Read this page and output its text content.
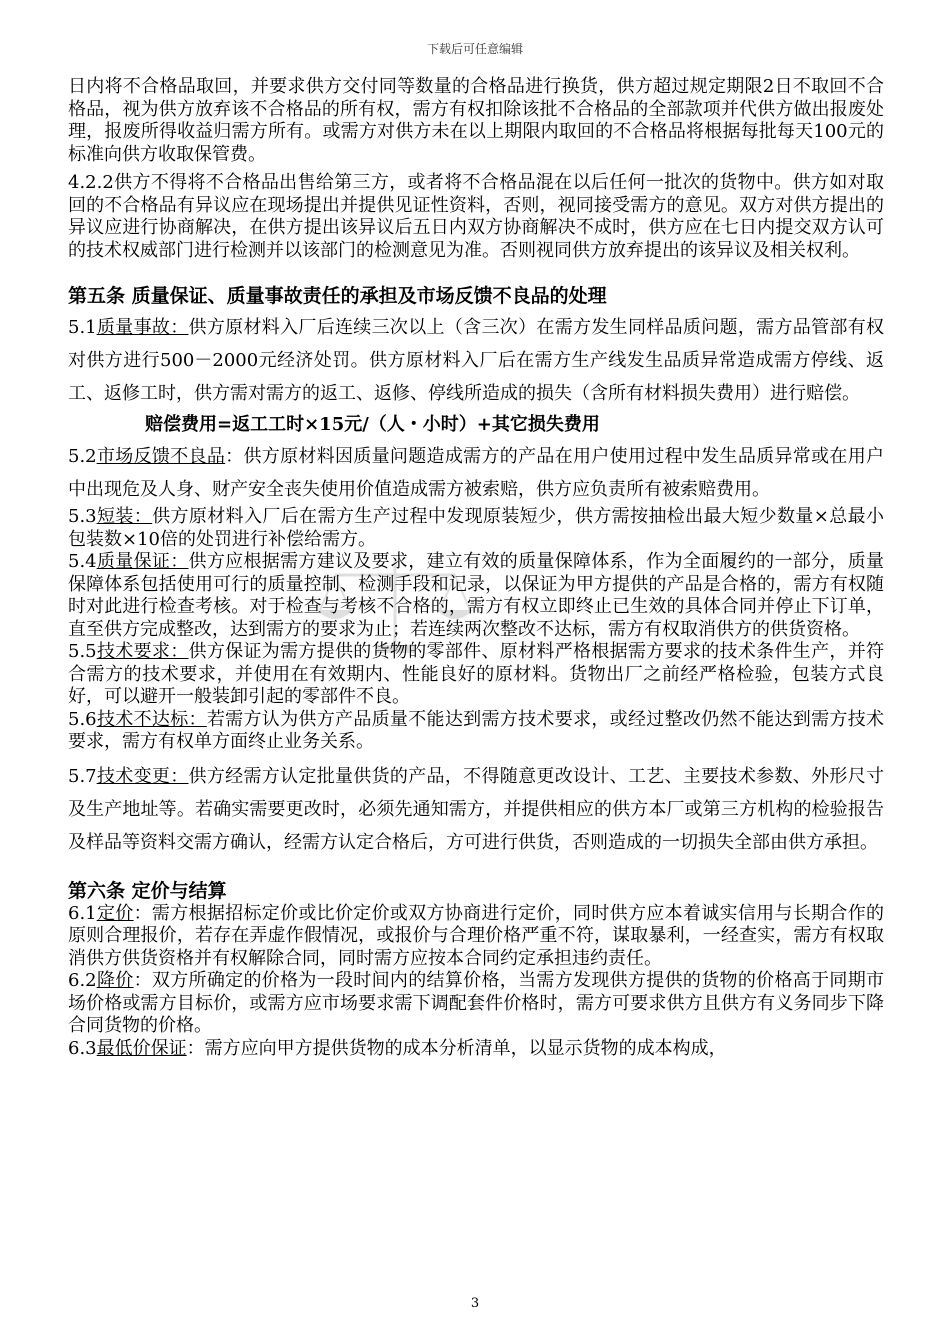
下载后可任意编辑

日内将不合格品取回，并要求供方交付同等数量的合格品进行换货，供方超过规定期限2日不取回不合格品，视为供方放弃该不合格品的所有权，需方有权扣除该批不合格品的全部款项并代供方做出报废处理，报废所得收益归需方所有。或需方对供方未在以上期限内取回的不合格品将根据每批每天100元的标准向供方收取保管费。

4.2.2供方不得将不合格品出售给第三方，或者将不合格品混在以后任何一批次的货物中。供方如对取回的不合格品有异议应在现场提出并提供见证性资料，否则，视同接受需方的意见。双方对供方提出的异议应进行协商解决，在供方提出该异议后五日内双方协商解决不成时，供方应在七日内提交双方认可的技术权威部门进行检测并以该部门的检测意见为准。否则视同供方放弃提出的该异议及相关权利。

第五条 质量保证、质量事故责任的承担及市场反馈不良品的处理

5.1质量事故：供方原材料入厂后连续三次以上（含三次）在需方发生同样品质问题，需方品管部有权对供方进行500－2000元经济处罚。供方原材料入厂后在需方生产线发生品质异常造成需方停线、返工、返修工时，供方需对需方的返工、返修、停线所造成的损失（含所有材料损失费用）进行赔偿。

赔偿费用=返工工时×15元/（人・小时）+其它损失费用

5.2市场反馈不良品：供方原材料因质量问题造成需方的产品在用户使用过程中发生品质异常或在用户中出现危及人身、财产安全丧失使用价值造成需方被索赔，供方应负责所有被索赔费用。

5.3短装：供方原材料入厂后在需方生产过程中发现原装短少，供方需按抽检出最大短少数量×总最小包装数×10倍的处罚进行补偿给需方。

5.4质量保证：供方应根据需方建议及要求，建立有效的质量保障体系，作为全面履约的一部分，质量保障体系包括使用可行的质量控制、检测手段和记录，以保证为甲方提供的产品是合格的，需方有权随时对此进行检查考核。对于检查与考核不合格的，需方有权立即终止已生效的具体合同并停止下订单，直至供方完成整改，达到需方的要求为止；若连续两次整改不达标，需方有权取消供方的供货资格。

5.5技术要求：供方保证为需方提供的货物的零部件、原材料严格根据需方要求的技术条件生产，并符合需方的技术要求，并使用在有效期内、性能良好的原材料。货物出厂之前经严格检验，包装方式良好，可以避开一般装卸引起的零部件不良。

5.6技术不达标：若需方认为供方产品质量不能达到需方技术要求，或经过整改仍然不能达到需方技术要求，需方有权单方面终止业务关系。

5.7技术变更：供方经需方认定批量供货的产品，不得随意更改设计、工艺、主要技术参数、外形尺寸及生产地址等。若确实需要更改时，必须先通知需方，并提供相应的供方本厂或第三方机构的检验报告及样品等资料交需方确认，经需方认定合格后，方可进行供货，否则造成的一切损失全部由供方承担。

第六条 定价与结算

6.1定价：需方根据招标定价或比价定价或双方协商进行定价，同时供方应本着诚实信用与长期合作的原则合理报价，若存在弄虚作假情况，或报价与合理价格严重不符，谋取暴利，一经查实，需方有权取消供方供货资格并有权解除合同，同时需方应按本合同约定承担违约责任。

6.2降价：双方所确定的价格为一段时间内的结算价格，当需方发现供方提供的货物的价格高于同期市场价格或需方目标价，或需方应市场要求需下调配套件价格时，需方可要求供方且供方有义务同步下降合同货物的价格。

6.3最低价保证：需方应向甲方提供货物的成本分析清单，以显示货物的成本构成，

3
